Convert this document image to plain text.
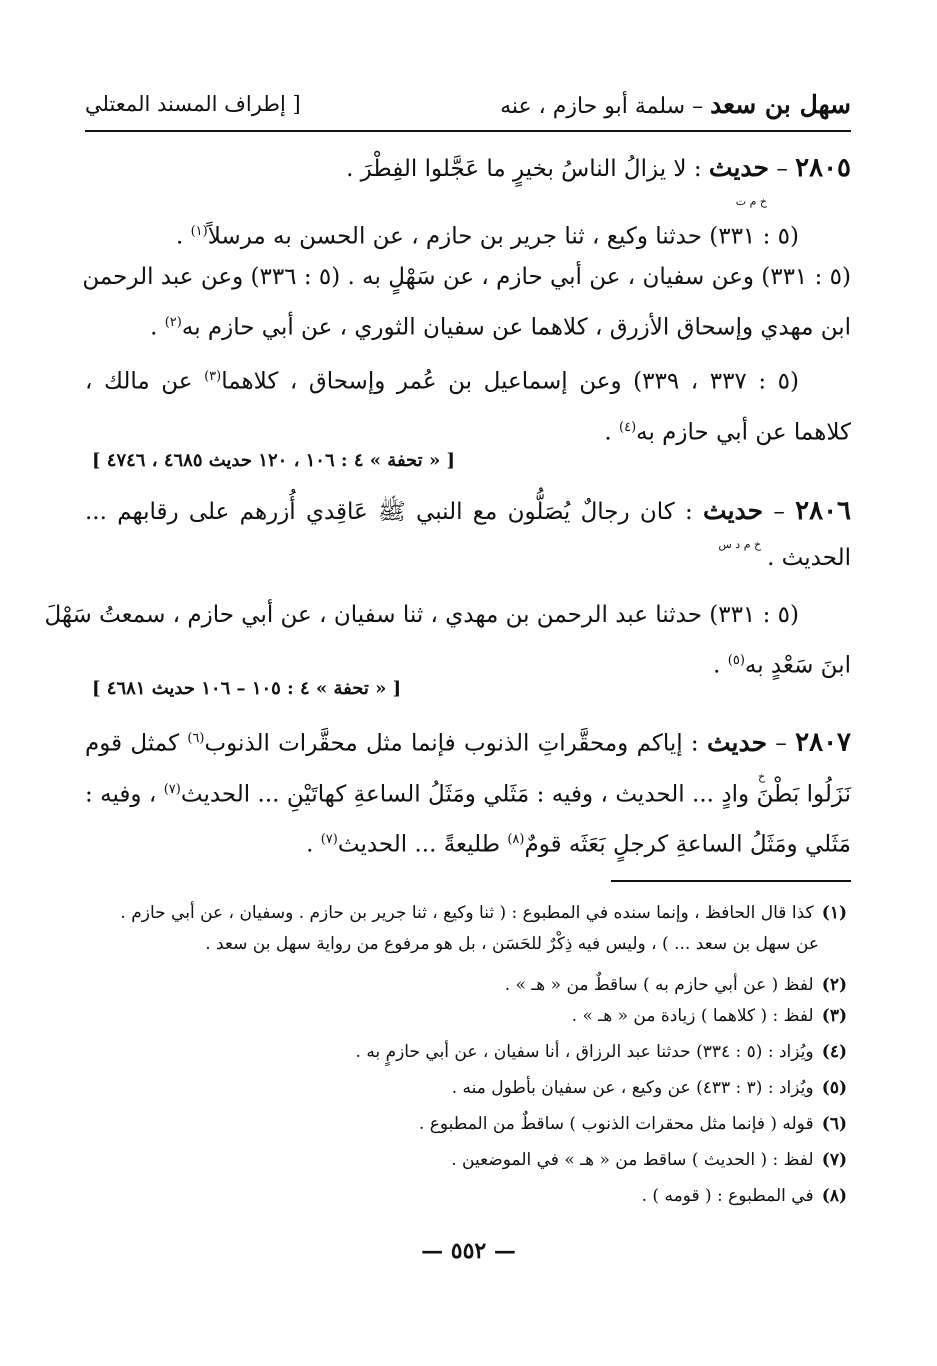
سهل بن سعد – سلمة أبو حازم ، عنه
[ إطراف المسند المعتلي
٢٨٠٥ – حديث
خ م ت
: لا يزالُ الناسُ بخيرٍ ما عَجَّلوا الفِطْرَ .
(٥ : ٣٣١) حدثنا وكيع ، ثنا جرير بن حازم ، عن الحسن به مرسلاً$^{(١)}$ .
(٥ : ٣٣١) وعن سفيان ، عن أبي حازم ، عن سَهْلٍ به . (٥ : ٣٣٦) وعن عبد الرحمن
ابن مهدي وإسحاق الأزرق ، كلاهما عن سفيان الثوري ، عن أبي حازم به$^{(٢)}$ .
(٥ : ٣٣٧ ، ٣٣٩) وعن إسماعيل بن عُمر وإسحاق ، كلاهما$^{(٣)}$ عن مالك ،
كلاهما عن أبي حازم به$^{(٤)}$ .
[ « تحفة » ٤ : ١٠٦ ، ١٢٠ حديث ٤٦٨٥ ، ٤٧٤٦ ]
٢٨٠٦ – حديث
خ م د س
: كان رجالٌ يُصَلُّون مع النبي ﷺ عَاقِدي أُزرهم على رقابهم ...
الحديث .
(٥ : ٣٣١) حدثنا عبد الرحمن بن مهدي ، ثنا سفيان ، عن أبي حازم ، سمعتُ سَهْلَ
ابنَ سَعْدٍ به$^{(٥)}$ .
[ « تحفة » ٤ : ١٠٥ – ١٠٦ حديث ٤٦٨١ ]
٢٨٠٧ – حديث
خ
: إياكم ومحقَّراتِ الذنوب فإنما مثل محقَّرات الذنوب$^{(٦)}$ كمثل قوم
نَزَلُوا بَطْنَ وادٍ ... الحديث ، وفيه : مَثَلي ومَثَلُ الساعةِ كهاتَيْنِ ... الحديث$^{(٧)}$ ، وفيه :
مَثَلي ومَثَلُ الساعةِ كرجلٍ بَعَثَه قومٌ$^{(٨)}$ طليعةً ... الحديث$^{(٧)}$ .
(١) كذا قال الحافظ ، وإنما سنده في المطبوع : ( ثنا وكيع ، ثنا جرير بن حازم . وسفيان ، عن أبي حازم .
عن سهل بن سعد ... ) ، وليس فيه ذِكْرٌ للحَسَن ، بل هو مرفوع من رواية سهل بن سعد .
(٢) لفظ ( عن أبي حازم به ) ساقطٌ من « هـ » .
(٣) لفظ : ( كلاهما ) زيادة من « هـ » .
(٤) ويُزاد : (٥ : ٣٣٤) حدثنا عبد الرزاق ، أنا سفيان ، عن أبي حازمٍ به .
(٥) ويُزاد : (٣ : ٤٣٣) عن وكيع ، عن سفيان بأطول منه .
(٦) قوله ( فإنما مثل محقرات الذنوب ) ساقطٌ من المطبوع .
(٧) لفظ : ( الحديث ) ساقط من « هـ » في الموضعين .
(٨) في المطبوع : ( قومه ) .
— ٥٥٢ —
